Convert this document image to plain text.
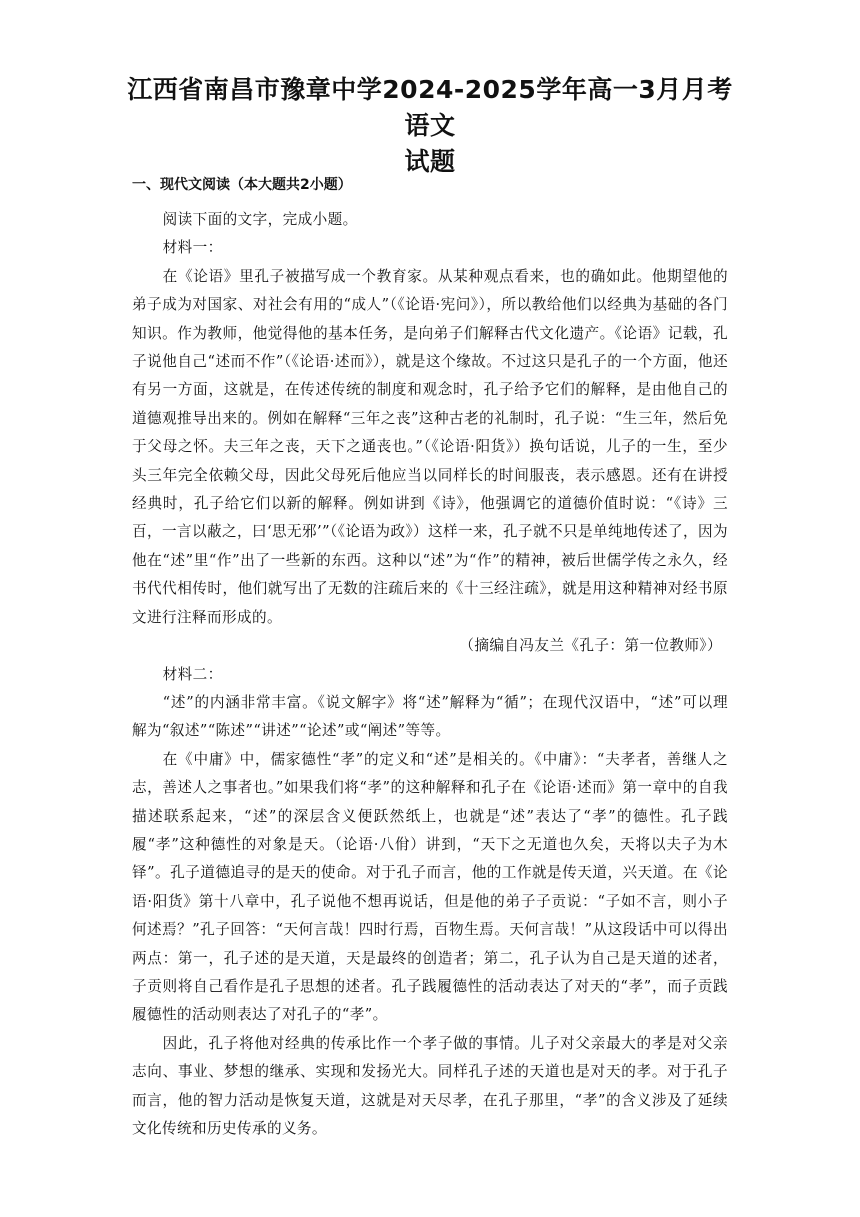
江西省南昌市豫章中学2024-2025学年高一3月月考语文
试题
一、现代文阅读（本大题共2小题）

阅读下面的文字，完成小题。

材料一：

在《论语》里孔子被描写成一个教育家。从某种观点看来，也的确如此。他期望他的弟子成为对国家、对社会有用的“成人”（《论语·宪问》），所以教给他们以经典为基础的各门知识。作为教师，他觉得他的基本任务，是向弟子们解释古代文化遗产。《论语》记载，孔子说他自己“述而不作”（《论语·述而》），就是这个缘故。不过这只是孔子的一个方面，他还有另一方面，这就是，在传述传统的制度和观念时，孔子给予它们的解释，是由他自己的道德观推导出来的。例如在解释“三年之丧”这种古老的礼制时，孔子说：“生三年，然后免于父母之怀。夫三年之丧，天下之通丧也。”（《论语·阳货》）换句话说，儿子的一生，至少头三年完全依赖父母，因此父母死后他应当以同样长的时间服丧，表示感恩。还有在讲授经典时，孔子给它们以新的解释。例如讲到《诗》，他强调它的道德价值时说：“《诗》三百，一言以蔽之，曰‘思无邪’”（《论语为政》）这样一来，孔子就不只是单纯地传述了，因为他在“述”里“作”出了一些新的东西。这种以“述”为“作”的精神，被后世儒学传之永久，经书代代相传时，他们就写出了无数的注疏后来的《十三经注疏》，就是用这种精神对经书原文进行注释而形成的。

（摘编自冯友兰《孔子：第一位教师》）

材料二：

“述”的内涵非常丰富。《说文解字》将“述”解释为“循”；在现代汉语中，“述”可以理解为“叙述”“陈述”“讲述”“论述”或“阐述”等等。

在《中庸》中，儒家德性“孝”的定义和“述”是相关的。《中庸》：“夫孝者，善继人之志，善述人之事者也。”如果我们将“孝”的这种解释和孔子在《论语·述而》第一章中的自我描述联系起来，“述”的深层含义便跃然纸上，也就是“述”表达了“孝”的德性。孔子践履“孝”这种德性的对象是天。（论语·八佾）讲到，“天下之无道也久矣，天将以夫子为木铎”。孔子道德追寻的是天的使命。对于孔子而言，他的工作就是传天道，兴天道。在《论语·阳货》第十八章中，孔子说他不想再说话，但是他的弟子子贡说：“子如不言，则小子何述焉？”孔子回答：“天何言哉！四时行焉，百物生焉。天何言哉！”从这段话中可以得出两点：第一，孔子述的是天道，天是最终的创造者；第二，孔子认为自己是天道的述者，子贡则将自己看作是孔子思想的述者。孔子践履德性的活动表达了对天的“孝”，而子贡践履德性的活动则表达了对孔子的“孝”。

因此，孔子将他对经典的传承比作一个孝子做的事情。儿子对父亲最大的孝是对父亲志向、事业、梦想的继承、实现和发扬光大。同样孔子述的天道也是对天的孝。对于孔子而言，他的智力活动是恢复天道，这就是对天尽孝，在孔子那里，“孝”的含义涉及了延续文化传统和历史传承的义务。
